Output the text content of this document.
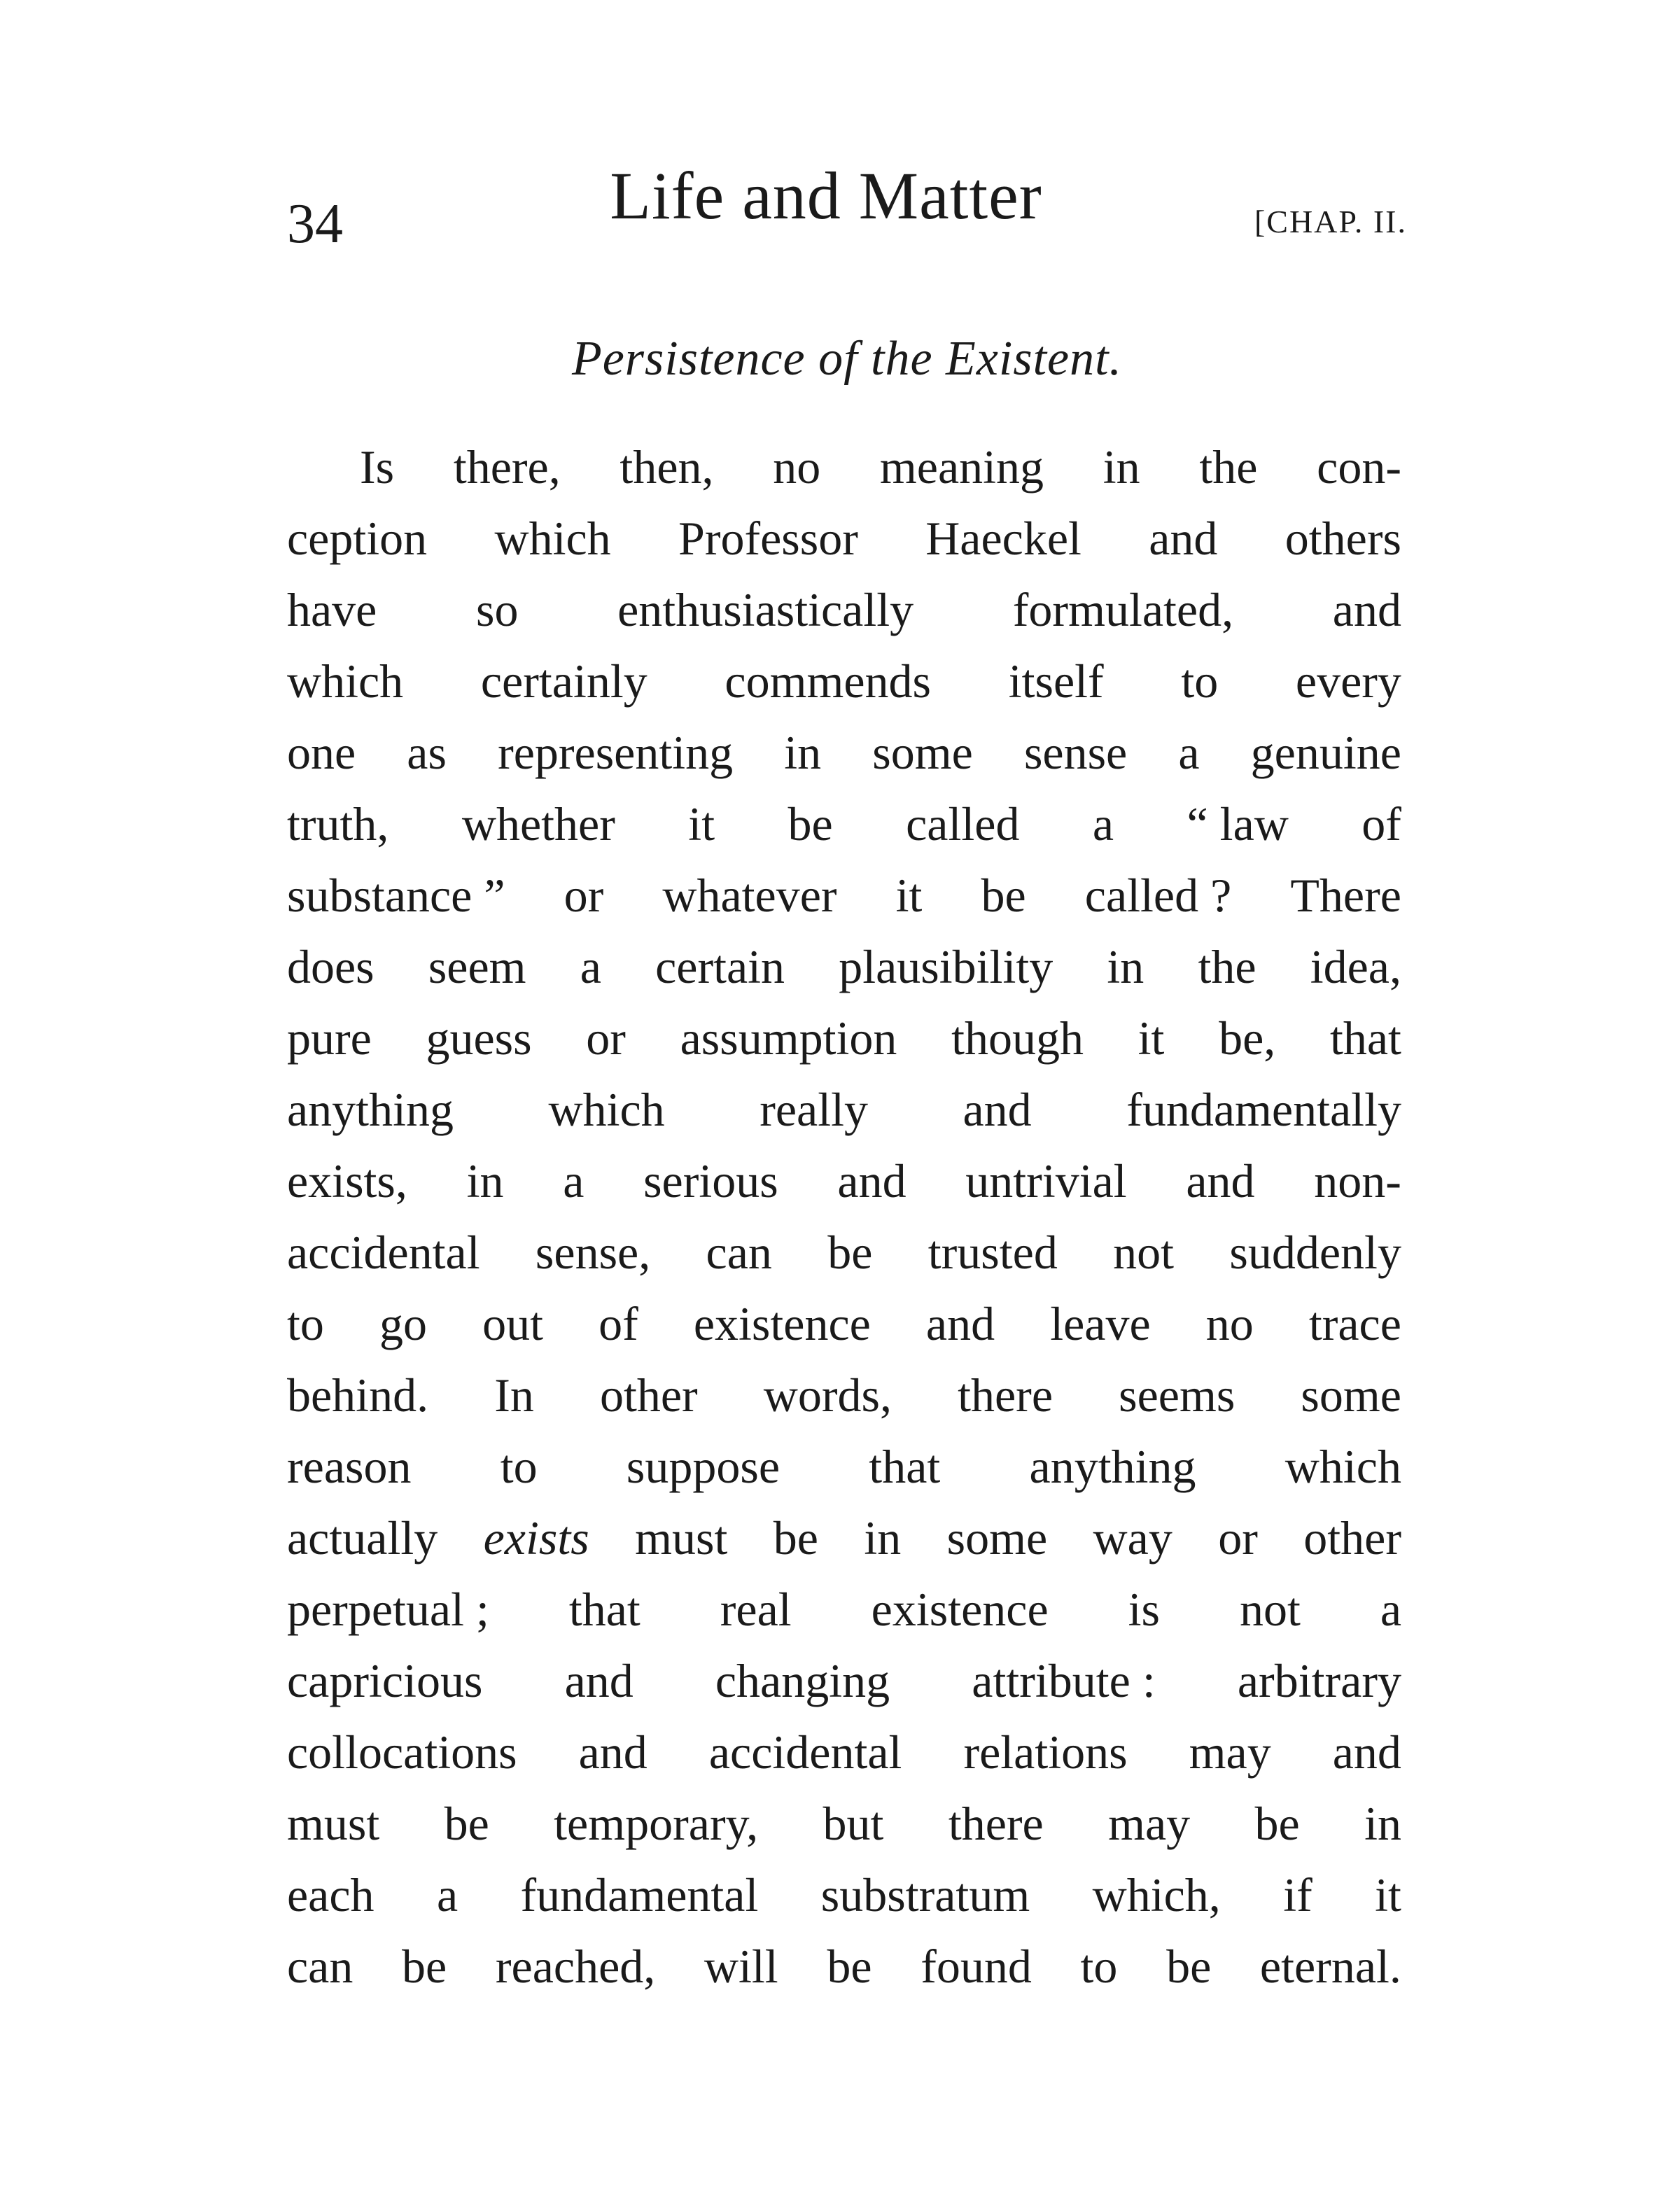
34	Life and Matter	[CHAP. II.
Persistence of the Existent.
Is there, then, no meaning in the con-
ception which Professor Haeckel and others
have so enthusiastically formulated, and
which certainly commends itself to every
one as representing in some sense a genuine
truth, whether it be called a “ law of
substance ” or whatever it be called ? There
does seem a certain plausibility in the idea,
pure guess or assumption though it be, that
anything which really and fundamentally
exists, in a serious and untrivial and non-
accidental sense, can be trusted not suddenly
to go out of existence and leave no trace
behind. In other words, there seems some
reason to suppose that anything which
actually exists must be in some way or other
perpetual ; that real existence is not a
capricious and changing attribute : arbitrary
collocations and accidental relations may and
must be temporary, but there may be in
each a fundamental substratum which, if it
can be reached, will be found to be eternal.
